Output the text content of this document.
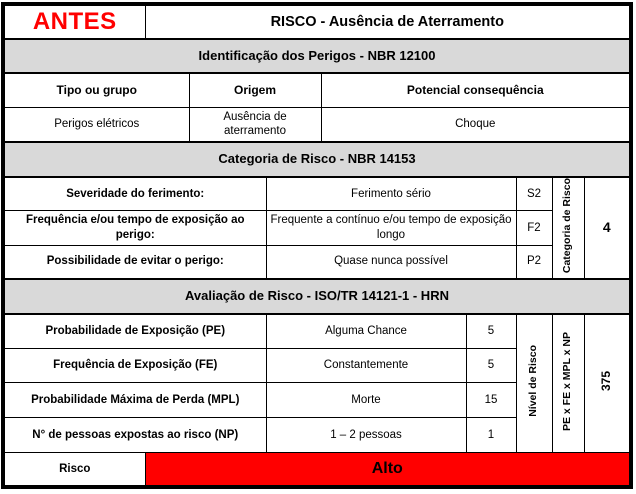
ANTES	RISCO - Ausência de Aterramento							
Identificação dos Perigos - NBR 12100								
Tipo ou grupo		Origem		Potencial consequência				
Perigos elétricos		Ausência de aterramento		Choque				
Categoria de Risco - NBR 14153								
Severidade do ferimento:			Ferimento sério			S2	Categoria de Risco	4
Frequência e/ou tempo de exposição ao perigo:			Frequente a contínuo e/ou tempo de exposição longo			F2		
Possibilidade de evitar o perigo:			Quase nunca possível			P2		
Avaliação de Risco - ISO/TR 14121-1 - HRN								
Probabilidade de Exposição (PE)			Alguma Chance		5	Nível de Risco	PE x FE x MPL x NP	375
Frequência de Exposição (FE)			Constantemente		5			
Probabilidade Máxima de Perda (MPL)			Morte		15			
N° de pessoas expostas ao risco (NP)			1 – 2 pessoas		1			
Risco	Alto							
